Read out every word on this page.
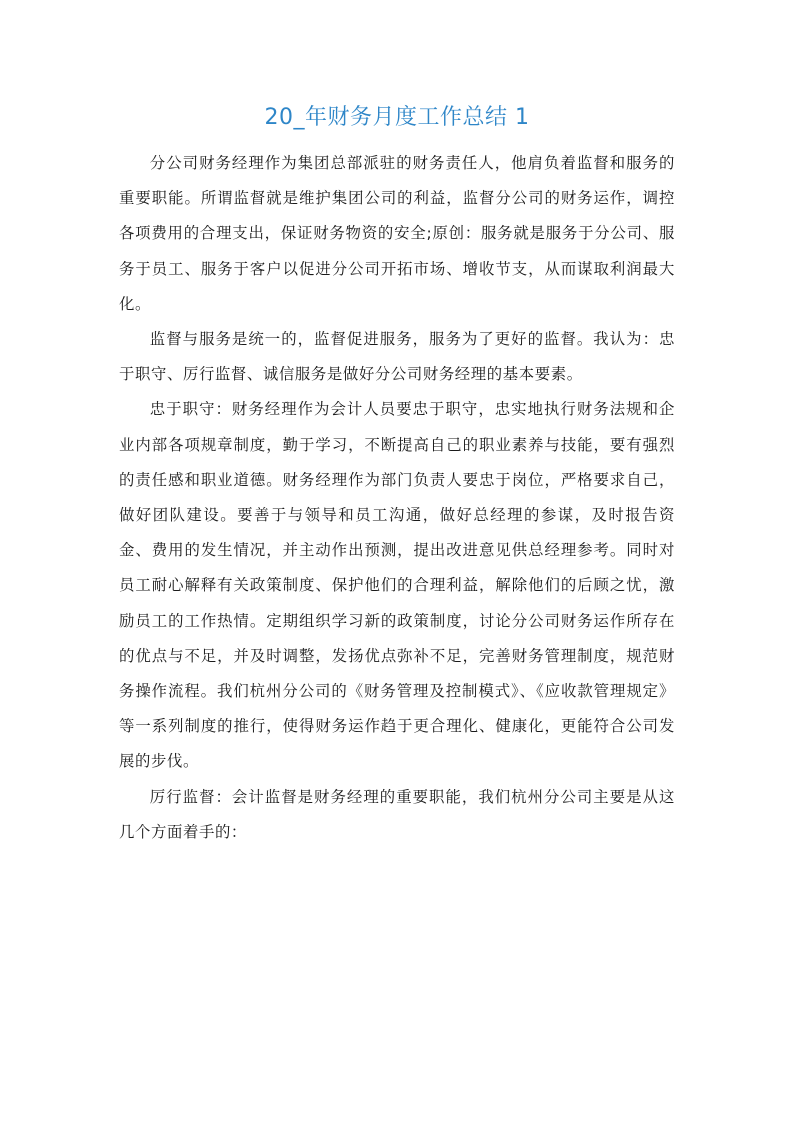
20_年财务月度工作总结 1

分公司财务经理作为集团总部派驻的财务责任人，他肩负着监督和服务的重要职能。所谓监督就是维护集团公司的利益，监督分公司的财务运作，调控各项费用的合理支出，保证财务物资的安全;原创：服务就是服务于分公司、服务于员工、服务于客户以促进分公司开拓市场、增收节支，从而谋取利润最大化。

监督与服务是统一的，监督促进服务，服务为了更好的监督。我认为：忠于职守、厉行监督、诚信服务是做好分公司财务经理的基本要素。

忠于职守：财务经理作为会计人员要忠于职守，忠实地执行财务法规和企业内部各项规章制度，勤于学习，不断提高自己的职业素养与技能，要有强烈的责任感和职业道德。财务经理作为部门负责人要忠于岗位，严格要求自己，做好团队建设。要善于与领导和员工沟通，做好总经理的参谋，及时报告资金、费用的发生情况，并主动作出预测，提出改进意见供总经理参考。同时对员工耐心解释有关政策制度、保护他们的合理利益，解除他们的后顾之忧，激励员工的工作热情。定期组织学习新的政策制度，讨论分公司财务运作所存在的优点与不足，并及时调整，发扬优点弥补不足，完善财务管理制度，规范财务操作流程。我们杭州分公司的《财务管理及控制模式》、《应收款管理规定》等一系列制度的推行，使得财务运作趋于更合理化、健康化，更能符合公司发展的步伐。

厉行监督：会计监督是财务经理的重要职能，我们杭州分公司主要是从这几个方面着手的：
